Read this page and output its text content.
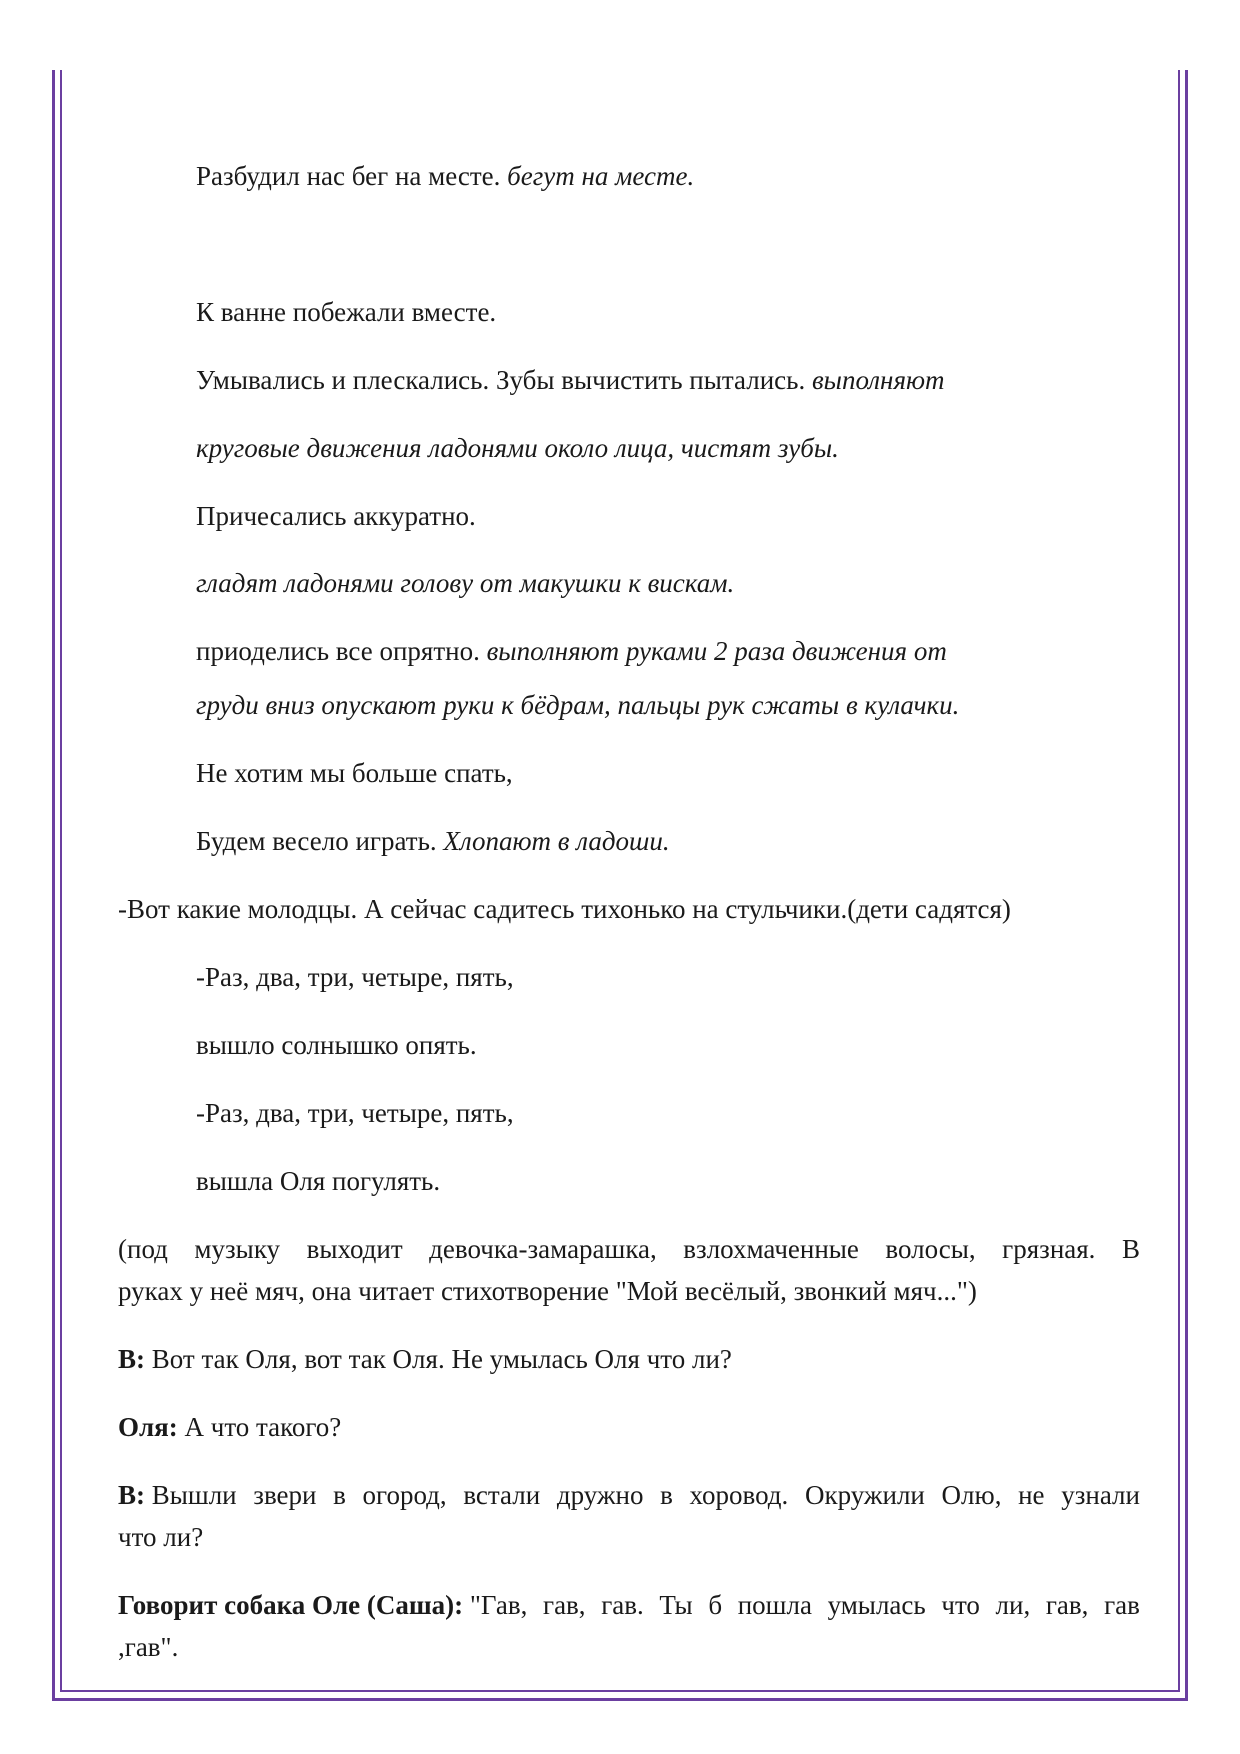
Разбудил нас бег на месте. бегут на месте.

К ванне побежали вместе.

Умывались и плескались. Зубы вычистить пытались. выполняют

круговые движения ладонями около лица, чистят зубы.

Причесались аккуратно.

гладят ладонями голову от макушки к вискам.

приоделись все опрятно. выполняют руками 2 раза движения от

груди вниз опускают руки к бёдрам, пальцы рук сжаты в кулачки.

Не хотим мы больше спать,

Будем весело играть. Хлопают в ладоши.

-Вот какие молодцы. А сейчас садитесь тихонько на стульчики.(дети садятся)

-Раз, два, три, четыре, пять,

вышло солнышко опять.

-Раз, два, три, четыре, пять,

вышла Оля погулять.

(под музыку выходит девочка-замарашка, взлохмаченные волосы, грязная. В

руках у неё мяч, она читает стихотворение "Мой весёлый, звонкий мяч...")

В: Вот так Оля, вот так Оля. Не умылась Оля что ли?

Оля: А что такого?

В: Вышли звери в огород, встали дружно в хоровод. Окружили Олю, не узнали

что ли?

Говорит собака Оле (Саша): "Гав, гав, гав. Ты б пошла умылась что ли, гав, гав

,гав".
